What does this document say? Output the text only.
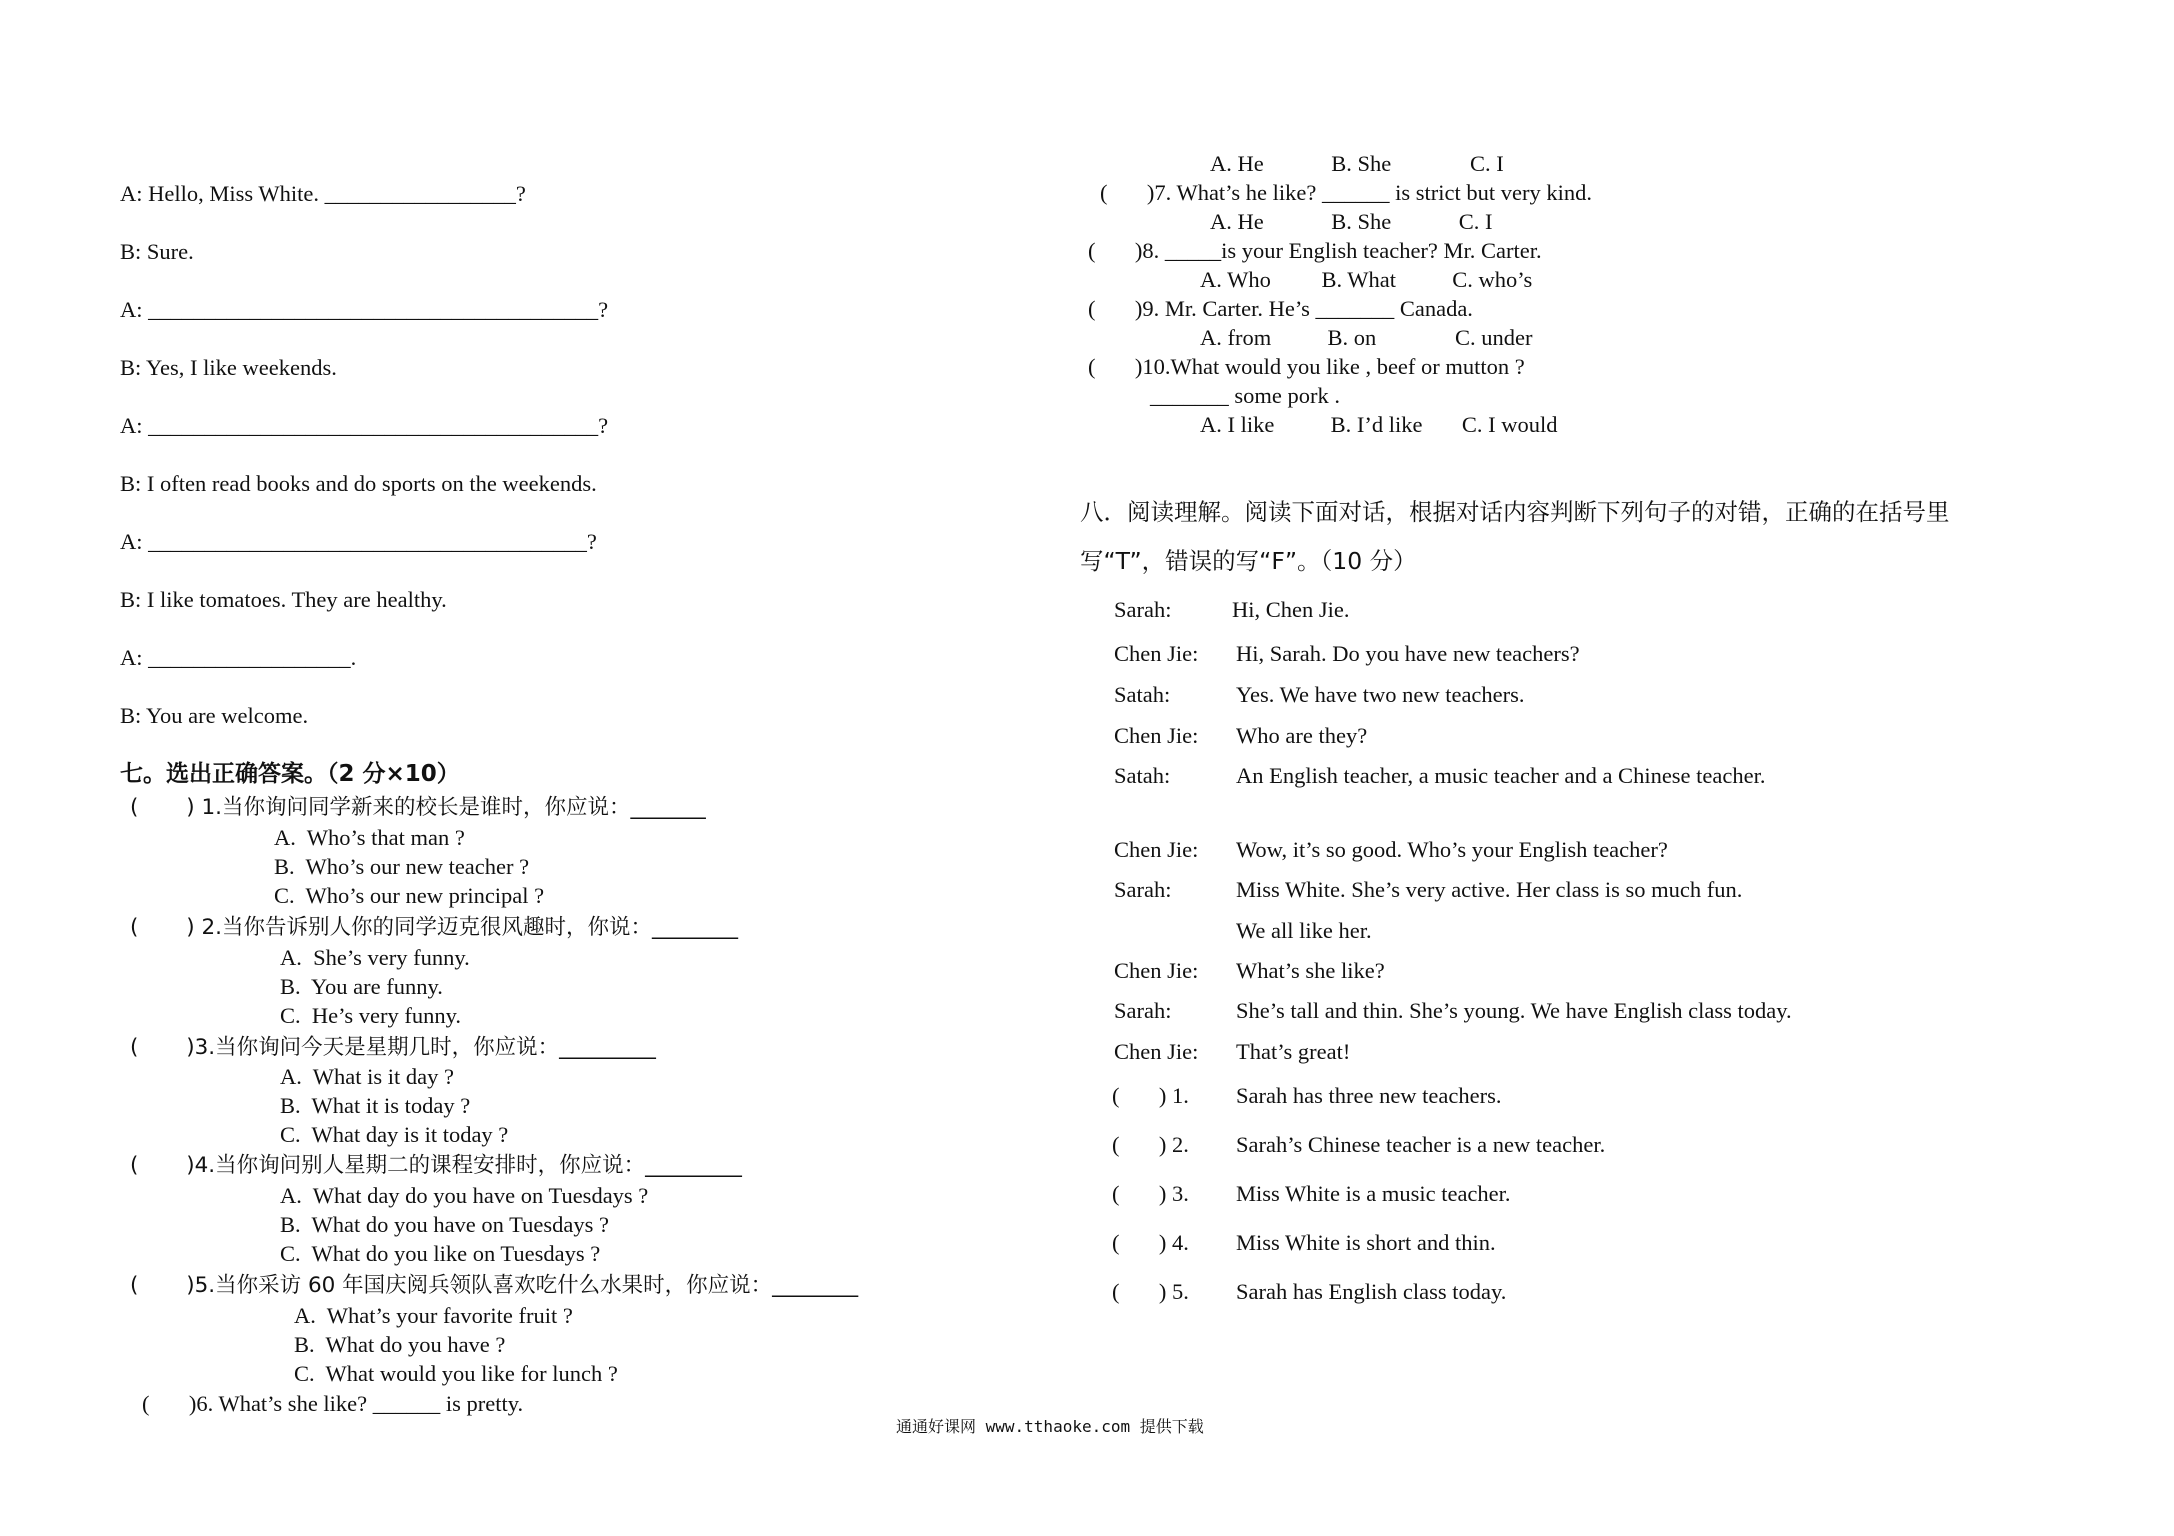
A: Hello, Miss White. _________________?
B: Sure.
A: ________________________________________?
B: Yes, I like weekends.
A: ________________________________________?
B: I often read books and do sports on the weekends.
A: _______________________________________?
B: I like tomatoes. They are healthy.
A: __________________.
B: You are welcome.
七。选出正确答案。（2 分×10）
(       ) 1.当你询问同学新来的校长是谁时，你应说：_______
A.  Who’s that man ?
B.  Who’s our new teacher ?
C.  Who’s our new principal ?
(       ) 2.当你告诉别人你的同学迈克很风趣时，你说：________
A.  She’s very funny.
B.  You are funny.
C.  He’s very funny.
(       )3.当你询问今天是星期几时，你应说：_________
A.  What is it day ?
B.  What it is today ?
C.  What day is it today ?
(       )4.当你询问别人星期二的课程安排时，你应说：_________
A.  What day do you have on Tuesdays ?
B.  What do you have on Tuesdays ?
C.  What do you like on Tuesdays ?
(       )5.当你采访 60 年国庆阅兵领队喜欢吃什么水果时，你应说：________
A.  What’s your favorite fruit ?
B.  What do you have ?
C.  What would you like for lunch ?
(       )6. What’s she like? ______ is pretty.
A. He            B. She              C. I
(       )7. What’s he like? ______ is strict but very kind.
A. He            B. She            C. I
(       )8. _____is your English teacher? Mr. Carter.
A. Who         B. What          C. who’s
(       )9. Mr. Carter. He’s _______ Canada.
A. from          B. on              C. under
(       )10.What would you like , beef or mutton ?
_______ some pork .
A. I like          B. I’d like       C. I would
八．阅读理解。阅读下面对话，根据对话内容判断下列句子的对错，正确的在括号里
写“T”，错误的写“F”。（10 分）
Sarah:	Hi, Chen Jie.
Chen Jie: Hi, Sarah. Do you have new teachers?
Satah:	Yes. We have two new teachers.
Chen Jie: Who are they?
Satah:	An English teacher, a music teacher and a Chinese teacher.
Chen Jie: Wow, it’s so good. Who’s your English teacher?
Sarah:	Miss White. She’s very active. Her class is so much fun.
We all like her.
Chen Jie: What’s she like?
Sarah:	She’s tall and thin. She’s young. We have English class today.
Chen Jie: That’s great!
(       ) 1. Sarah has three new teachers.
(       ) 2. Sarah’s Chinese teacher is a new teacher.
(       ) 3. Miss White is a music teacher.
(       ) 4. Miss White is short and thin.
(       ) 5. Sarah has English class today.
通通好课网 www.tthaoke.com 提供下载
